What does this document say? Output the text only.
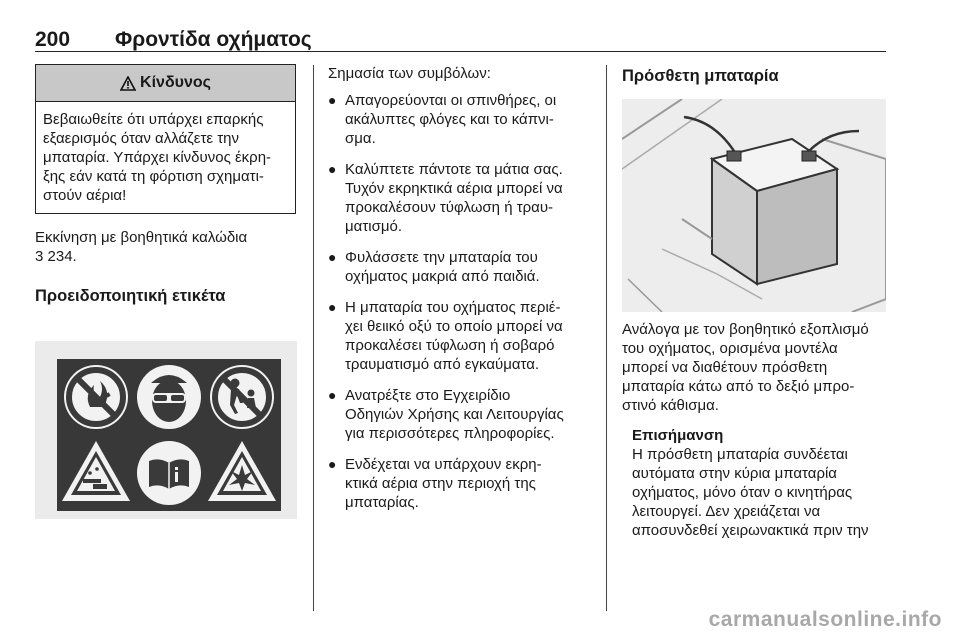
200 Φροντίδα οχήματος
Κίνδυνος
Βεβαιωθείτε ότι υπάρχει επαρκής
εξαερισμός όταν αλλάζετε την
μπαταρία. Υπάρχει κίνδυνος έκρη-
ξης εάν κατά τη φόρτιση σχηματι-
στούν αέρια!
Εκκίνηση με βοηθητικά καλώδια
3 234.
Προειδοποιητική ετικέτα
Σημασία των συμβόλων:
● Απαγορεύονται οι σπινθήρες, οι
ακάλυπτες φλόγες και το κάπνι-
σμα.
● Καλύπτετε πάντοτε τα μάτια σας.
Τυχόν εκρηκτικά αέρια μπορεί να
προκαλέσουν τύφλωση ή τραυ-
ματισμό.
● Φυλάσσετε την μπαταρία του
οχήματος μακριά από παιδιά.
● Η μπαταρία του οχήματος περιέ-
χει θειικό οξύ το οποίο μπορεί να
προκαλέσει τύφλωση ή σοβαρό
τραυματισμό από εγκαύματα.
● Ανατρέξτε στο Εγχειρίδιο
Οδηγιών Χρήσης και Λειτουργίας
για περισσότερες πληροφορίες.
● Ενδέχεται να υπάρχουν εκρη-
κτικά αέρια στην περιοχή της
μπαταρίας.
Πρόσθετη μπαταρία
Ανάλογα με τον βοηθητικό εξοπλισμό
του οχήματος, ορισμένα μοντέλα
μπορεί να διαθέτουν πρόσθετη
μπαταρία κάτω από το δεξιό μπρο-
στινό κάθισμα.
Επισήμανση
Η πρόσθετη μπαταρία συνδέεται
αυτόματα στην κύρια μπαταρία
οχήματος, μόνο όταν ο κινητήρας
λειτουργεί. Δεν χρειάζεται να
αποσυνδεθεί χειρωνακτικά πριν την
carmanualsonline.info
